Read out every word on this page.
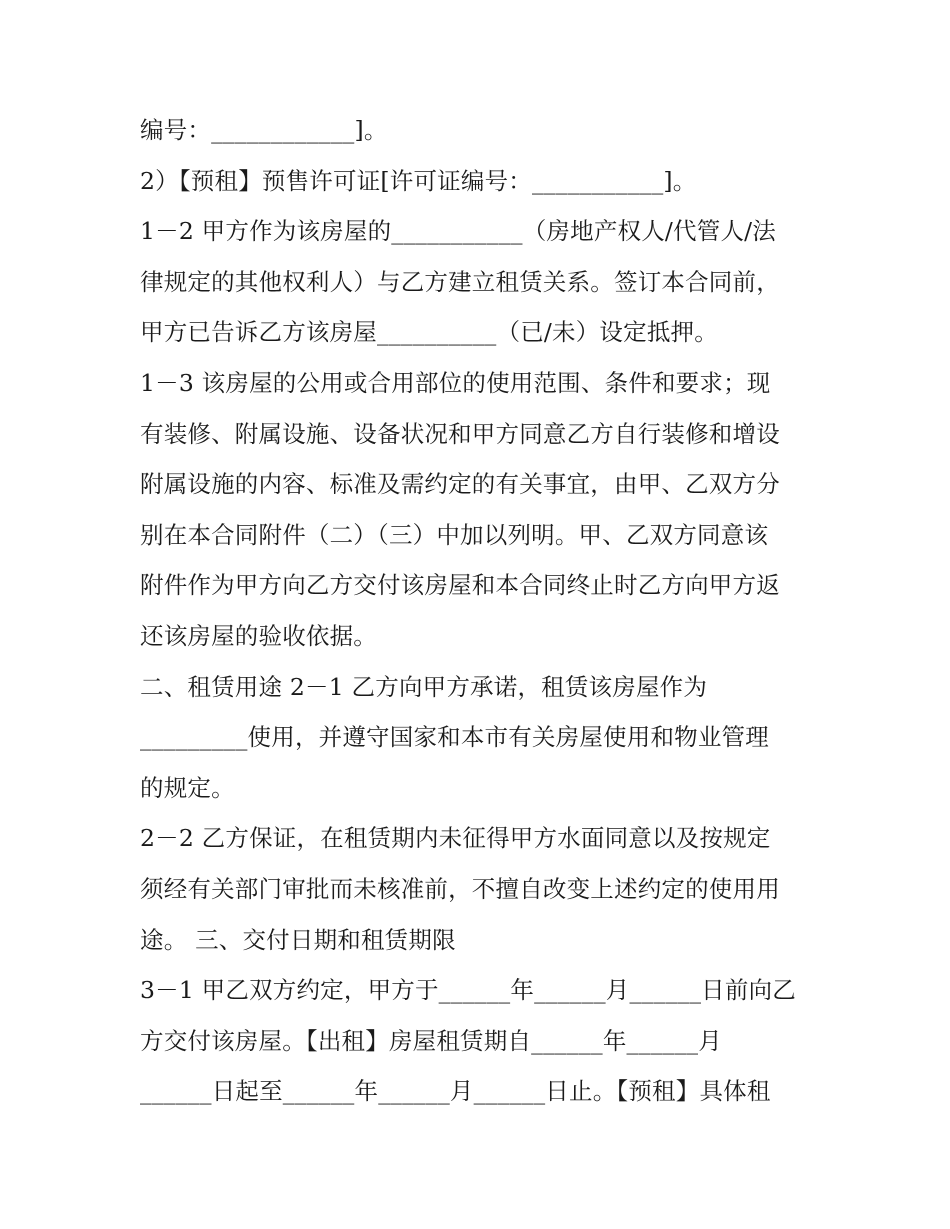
编号：____________]。
2）【预租】预售许可证[许可证编号：___________]。
1－2 甲方作为该房屋的___________（房地产权人/代管人/法
律规定的其他权利人）与乙方建立租赁关系。签订本合同前，
甲方已告诉乙方该房屋__________（已/未）设定抵押。
1－3 该房屋的公用或合用部位的使用范围、条件和要求；现
有装修、附属设施、设备状况和甲方同意乙方自行装修和增设
附属设施的内容、标准及需约定的有关事宜，由甲、乙双方分
别在本合同附件（二）（三）中加以列明。甲、乙双方同意该
附件作为甲方向乙方交付该房屋和本合同终止时乙方向甲方返
还该房屋的验收依据。
二、租赁用途 2－1 乙方向甲方承诺，租赁该房屋作为
_________使用，并遵守国家和本市有关房屋使用和物业管理
的规定。
2－2 乙方保证，在租赁期内未征得甲方水面同意以及按规定
须经有关部门审批而未核准前，不擅自改变上述约定的使用用
途。 三、交付日期和租赁期限
3－1 甲乙双方约定，甲方于______年______月______日前向乙
方交付该房屋。【出租】房屋租赁期自______年______月
______日起至______年______月______日止。【预租】具体租
